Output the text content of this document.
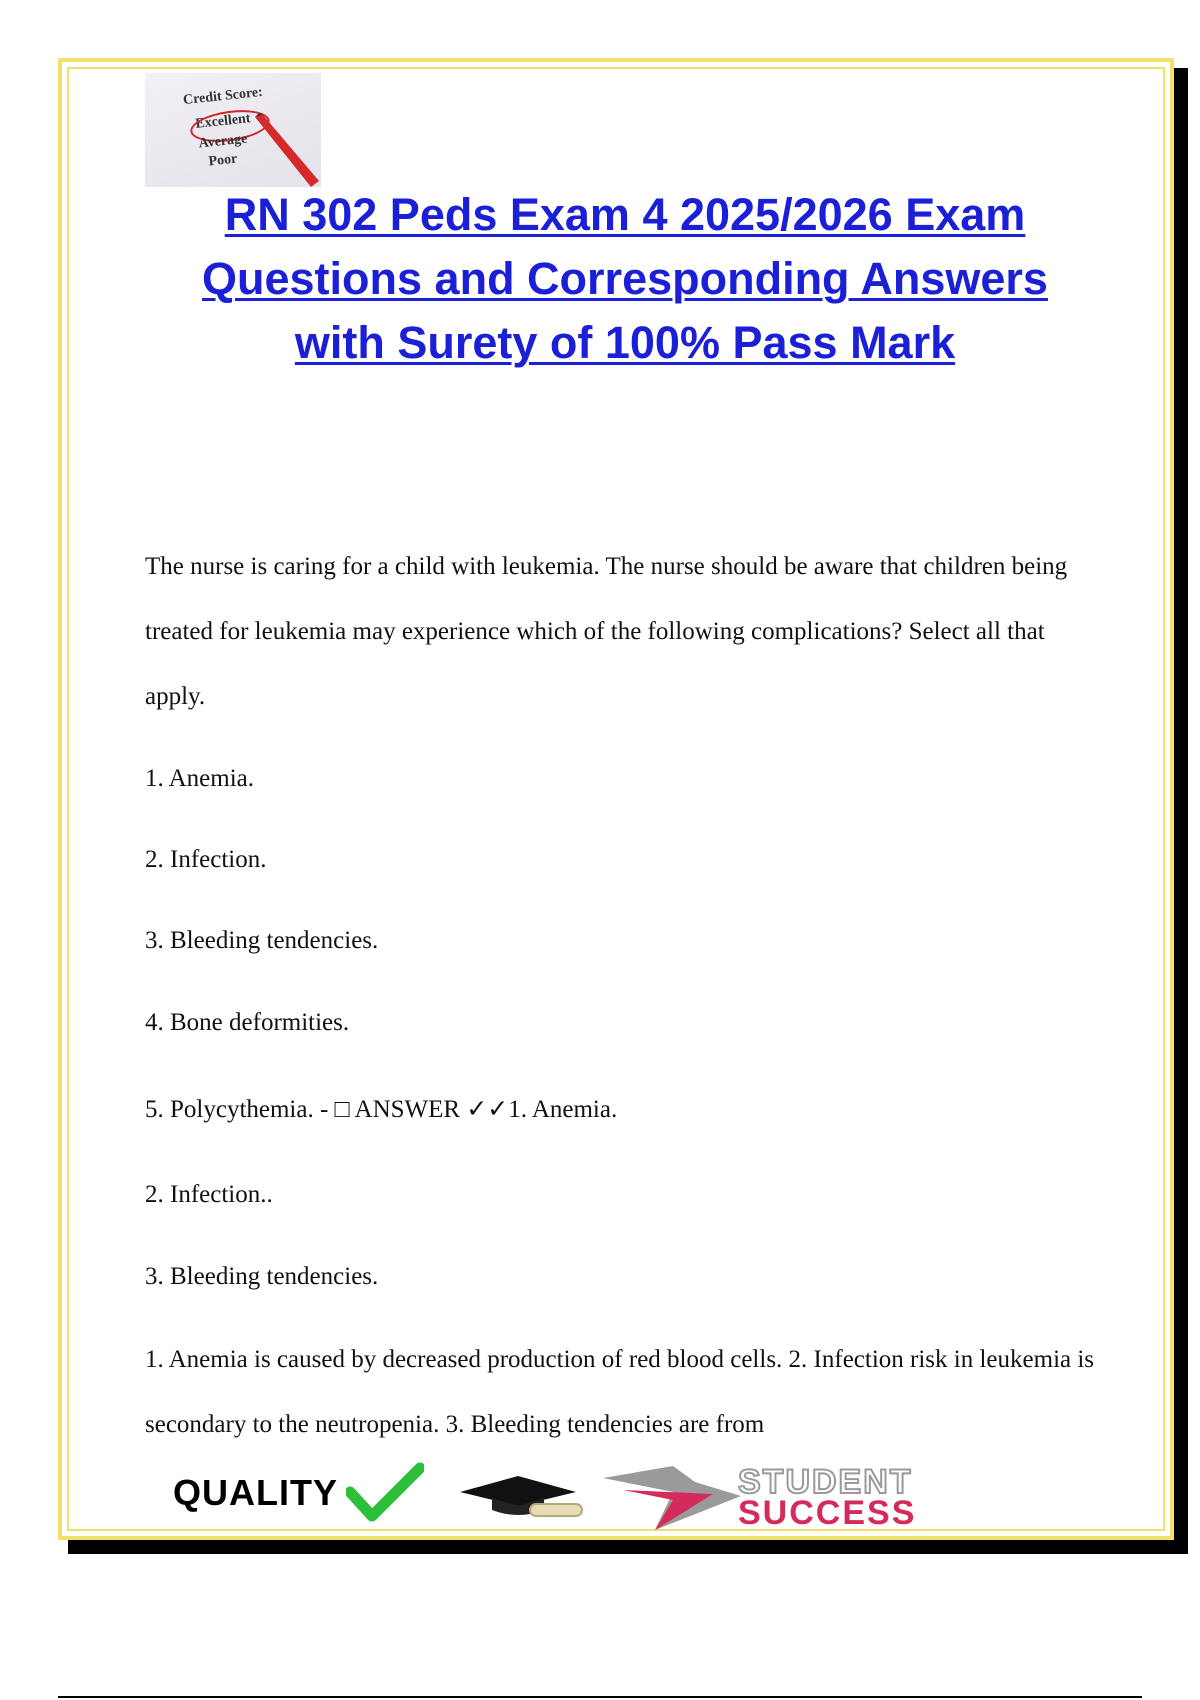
Credit Score:
Excellent
Average
Poor
RN 302 Peds Exam 4 2025/2026 Exam
Questions and Corresponding Answers
with Surety of 100% Pass Mark

The nurse is caring for a child with leukemia. The nurse should be aware that children being treated for leukemia may experience which of the following complications? Select all that apply.

1. Anemia.

2. Infection.

3. Bleeding tendencies.

4. Bone deformities.

5. Polycythemia. - □ ANSWER ✓✓1. Anemia.

2. Infection..

3. Bleeding tendencies.

1. Anemia is caused by decreased production of red blood cells. 2. Infection risk in leukemia is secondary to the neutropenia. 3. Bleeding tendencies are from

QUALITY	STUDENT
SUCCESS
